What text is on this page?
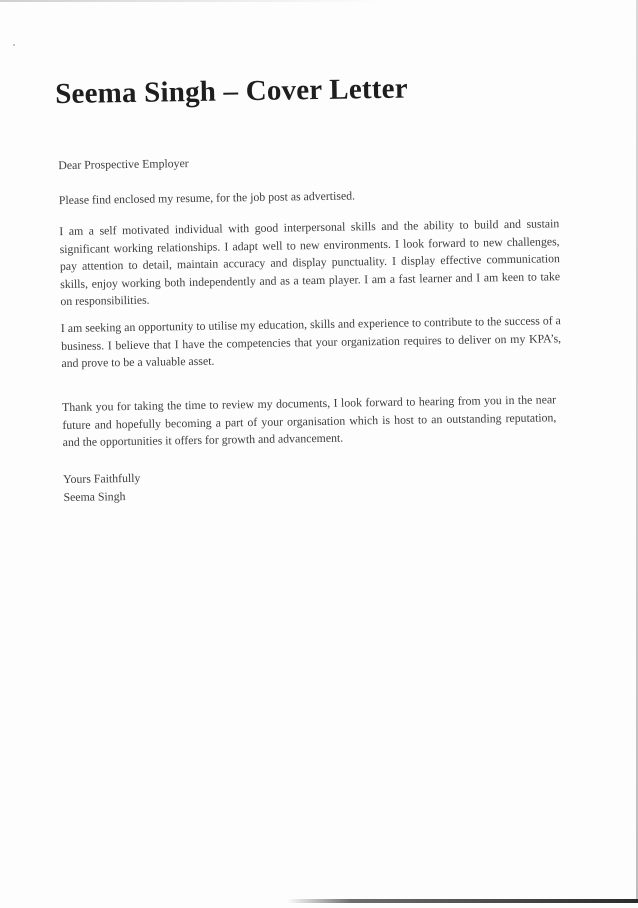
Seema Singh – Cover Letter

Dear Prospective Employer

Please find enclosed my resume, for the job post as advertised.

I am a self motivated individual with good interpersonal skills and the ability to build and sustain significant working relationships. I adapt well to new environments. I look forward to new challenges, pay attention to detail, maintain accuracy and display punctuality. I display effective communication skills, enjoy working both independently and as a team player. I am a fast learner and I am keen to take on responsibilities.

I am seeking an opportunity to utilise my education, skills and experience to contribute to the success of a business. I believe that I have the competencies that your organization requires to deliver on my KPA’s, and prove to be a valuable asset.

Thank you for taking the time to review my documents, I look forward to hearing from you in the near future and hopefully becoming a part of your organisation which is host to an outstanding reputation, and the opportunities it offers for growth and advancement.

Yours Faithfully
Seema Singh
